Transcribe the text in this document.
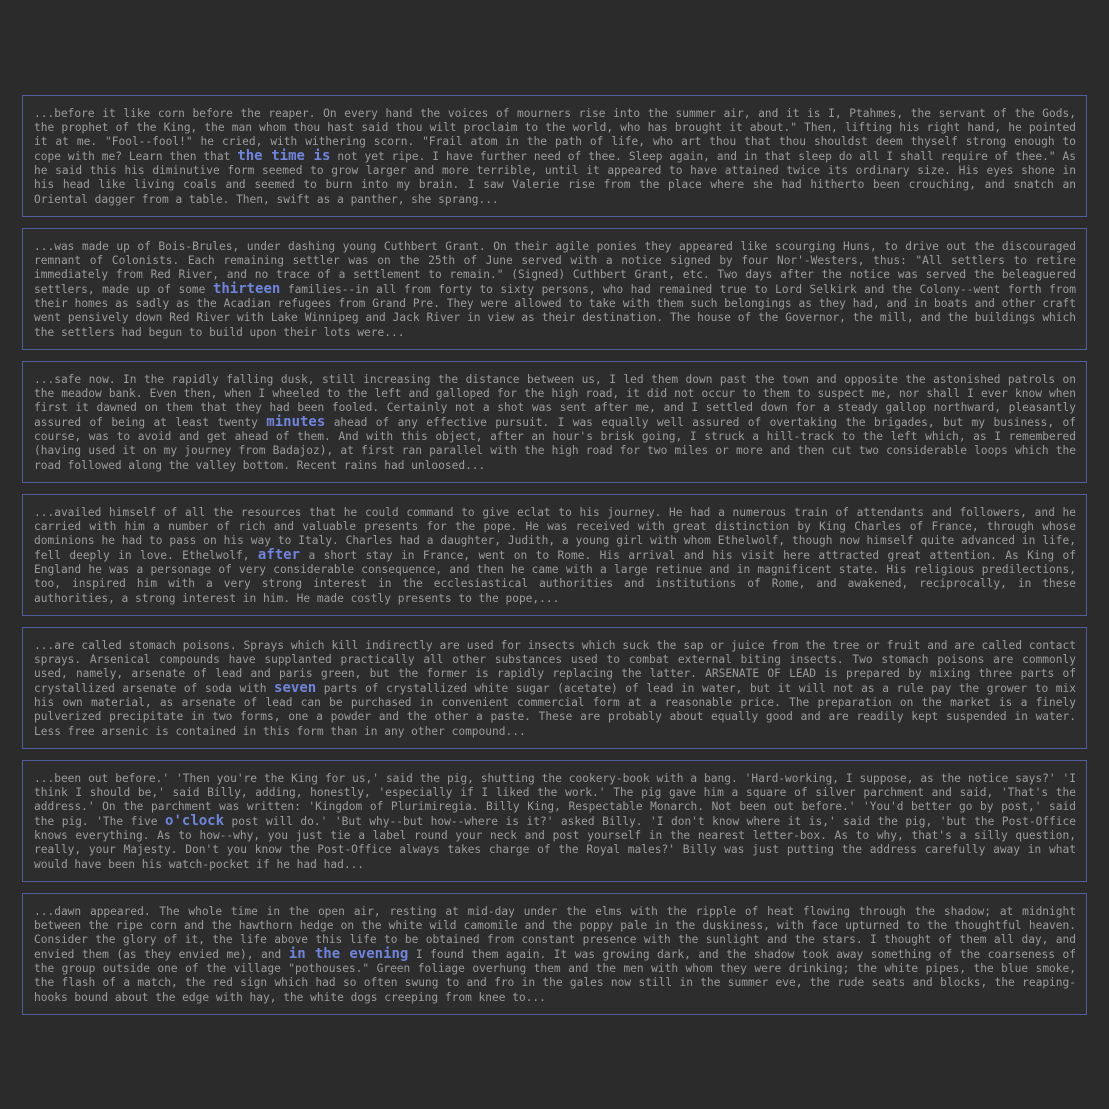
...before it like corn before the reaper. On every hand the voices of mourners rise into the summer air, and it is I, Ptahmes, the servant of the Gods, the prophet of the King, the man whom thou hast said thou wilt proclaim to the world, who has brought it about." Then, lifting his right hand, he pointed it at me. "Fool--fool!" he cried, with withering scorn. "Frail atom in the path of life, who art thou that thou shouldst deem thyself strong enough to cope with me? Learn then that the time is not yet ripe. I have further need of thee. Sleep again, and in that sleep do all I shall require of thee." As he said this his diminutive form seemed to grow larger and more terrible, until it appeared to have attained twice its ordinary size. His eyes shone in his head like living coals and seemed to burn into my brain. I saw Valerie rise from the place where she had hitherto been crouching, and snatch an Oriental dagger from a table. Then, swift as a panther, she sprang...
...was made up of Bois-Brules, under dashing young Cuthbert Grant. On their agile ponies they appeared like scourging Huns, to drive out the discouraged remnant of Colonists. Each remaining settler was on the 25th of June served with a notice signed by four Nor'-Westers, thus: "All settlers to retire immediately from Red River, and no trace of a settlement to remain." (Signed) Cuthbert Grant, etc. Two days after the notice was served the beleaguered settlers, made up of some thirteen families--in all from forty to sixty persons, who had remained true to Lord Selkirk and the Colony--went forth from their homes as sadly as the Acadian refugees from Grand Pre. They were allowed to take with them such belongings as they had, and in boats and other craft went pensively down Red River with Lake Winnipeg and Jack River in view as their destination. The house of the Governor, the mill, and the buildings which the settlers had begun to build upon their lots were...
...safe now. In the rapidly falling dusk, still increasing the distance between us, I led them down past the town and opposite the astonished patrols on the meadow bank. Even then, when I wheeled to the left and galloped for the high road, it did not occur to them to suspect me, nor shall I ever know when first it dawned on them that they had been fooled. Certainly not a shot was sent after me, and I settled down for a steady gallop northward, pleasantly assured of being at least twenty minutes ahead of any effective pursuit. I was equally well assured of overtaking the brigades, but my business, of course, was to avoid and get ahead of them. And with this object, after an hour's brisk going, I struck a hill-track to the left which, as I remembered (having used it on my journey from Badajoz), at first ran parallel with the high road for two miles or more and then cut two considerable loops which the road followed along the valley bottom. Recent rains had unloosed...
...availed himself of all the resources that he could command to give eclat to his journey. He had a numerous train of attendants and followers, and he carried with him a number of rich and valuable presents for the pope. He was received with great distinction by King Charles of France, through whose dominions he had to pass on his way to Italy. Charles had a daughter, Judith, a young girl with whom Ethelwolf, though now himself quite advanced in life, fell deeply in love. Ethelwolf, after a short stay in France, went on to Rome. His arrival and his visit here attracted great attention. As King of England he was a personage of very considerable consequence, and then he came with a large retinue and in magnificent state. His religious predilections, too, inspired him with a very strong interest in the ecclesiastical authorities and institutions of Rome, and awakened, reciprocally, in these authorities, a strong interest in him. He made costly presents to the pope,...
...are called stomach poisons. Sprays which kill indirectly are used for insects which suck the sap or juice from the tree or fruit and are called contact sprays. Arsenical compounds have supplanted practically all other substances used to combat external biting insects. Two stomach poisons are commonly used, namely, arsenate of lead and paris green, but the former is rapidly replacing the latter. ARSENATE OF LEAD is prepared by mixing three parts of crystallized arsenate of soda with seven parts of crystallized white sugar (acetate) of lead in water, but it will not as a rule pay the grower to mix his own material, as arsenate of lead can be purchased in convenient commercial form at a reasonable price. The preparation on the market is a finely pulverized precipitate in two forms, one a powder and the other a paste. These are probably about equally good and are readily kept suspended in water. Less free arsenic is contained in this form than in any other compound...
...been out before.' 'Then you're the King for us,' said the pig, shutting the cookery-book with a bang. 'Hard-working, I suppose, as the notice says?' 'I think I should be,' said Billy, adding, honestly, 'especially if I liked the work.' The pig gave him a square of silver parchment and said, 'That's the address.' On the parchment was written: 'Kingdom of Plurimiregia. Billy King, Respectable Monarch. Not been out before.' 'You'd better go by post,' said the pig. 'The five o'clock post will do.' 'But why--but how--where is it?' asked Billy. 'I don't know where it is,' said the pig, 'but the Post-Office knows everything. As to how--why, you just tie a label round your neck and post yourself in the nearest letter-box. As to why, that's a silly question, really, your Majesty. Don't you know the Post-Office always takes charge of the Royal males?' Billy was just putting the address carefully away in what would have been his watch-pocket if he had had...
...dawn appeared. The whole time in the open air, resting at mid-day under the elms with the ripple of heat flowing through the shadow; at midnight between the ripe corn and the hawthorn hedge on the white wild camomile and the poppy pale in the duskiness, with face upturned to the thoughtful heaven. Consider the glory of it, the life above this life to be obtained from constant presence with the sunlight and the stars. I thought of them all day, and envied them (as they envied me), and in the evening I found them again. It was growing dark, and the shadow took away something of the coarseness of the group outside one of the village "pothouses." Green foliage overhung them and the men with whom they were drinking; the white pipes, the blue smoke, the flash of a match, the red sign which had so often swung to and fro in the gales now still in the summer eve, the rude seats and blocks, the reaping-hooks bound about the edge with hay, the white dogs creeping from knee to...
